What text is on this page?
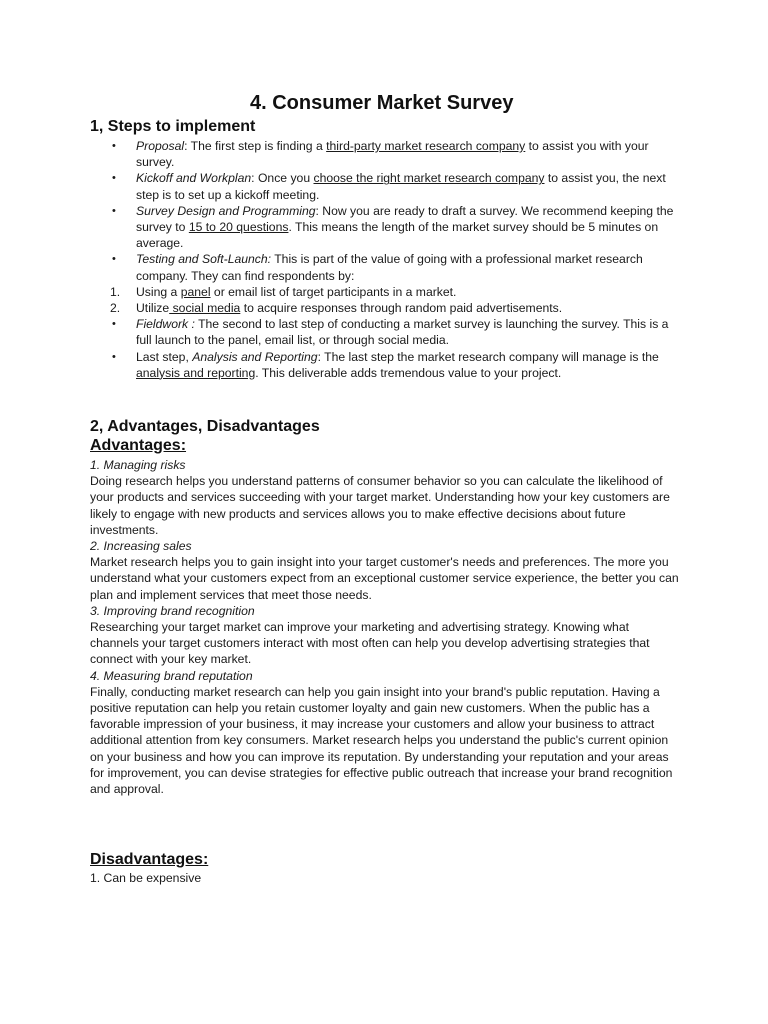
4. Consumer Market Survey
1, Steps to implement
•	Proposal: The first step is finding a third-party market research company to assist you with your survey.
•	Kickoff and Workplan: Once you choose the right market research company to assist you, the next step is to set up a kickoff meeting.
•	Survey Design and Programming: Now you are ready to draft a survey. We recommend keeping the survey to 15 to 20 questions. This means the length of the market survey should be 5 minutes on average.
•	Testing and Soft-Launch: This is part of the value of going with a professional market research company. They can find respondents by:
1.	Using a panel or email list of target participants in a market.
2.	Utilize social media to acquire responses through random paid advertisements.
•	Fieldwork : The second to last step of conducting a market survey is launching the survey. This is a full launch to the panel, email list, or through social media.
•	Last step, Analysis and Reporting: The last step the market research company will manage is the analysis and reporting. This deliverable adds tremendous value to your project.
2, Advantages, Disadvantages
Advantages:

1. Managing risks

Doing research helps you understand patterns of consumer behavior so you can calculate the likelihood of your products and services succeeding with your target market. Understanding how your key customers are likely to engage with new products and services allows you to make effective decisions about future investments.

2. Increasing sales

Market research helps you to gain insight into your target customer's needs and preferences. The more you understand what your customers expect from an exceptional customer service experience, the better you can plan and implement services that meet those needs.

3. Improving brand recognition

Researching your target market can improve your marketing and advertising strategy. Knowing what channels your target customers interact with most often can help you develop advertising strategies that connect with your key market.

4. Measuring brand reputation

Finally, conducting market research can help you gain insight into your brand's public reputation. Having a positive reputation can help you retain customer loyalty and gain new customers. When the public has a favorable impression of your business, it may increase your customers and allow your business to attract additional attention from key consumers. Market research helps you understand the public's current opinion on your business and how you can improve its reputation. By understanding your reputation and your areas for improvement, you can devise strategies for effective public outreach that increase your brand recognition and approval.

Disadvantages:

1. Can be expensive
